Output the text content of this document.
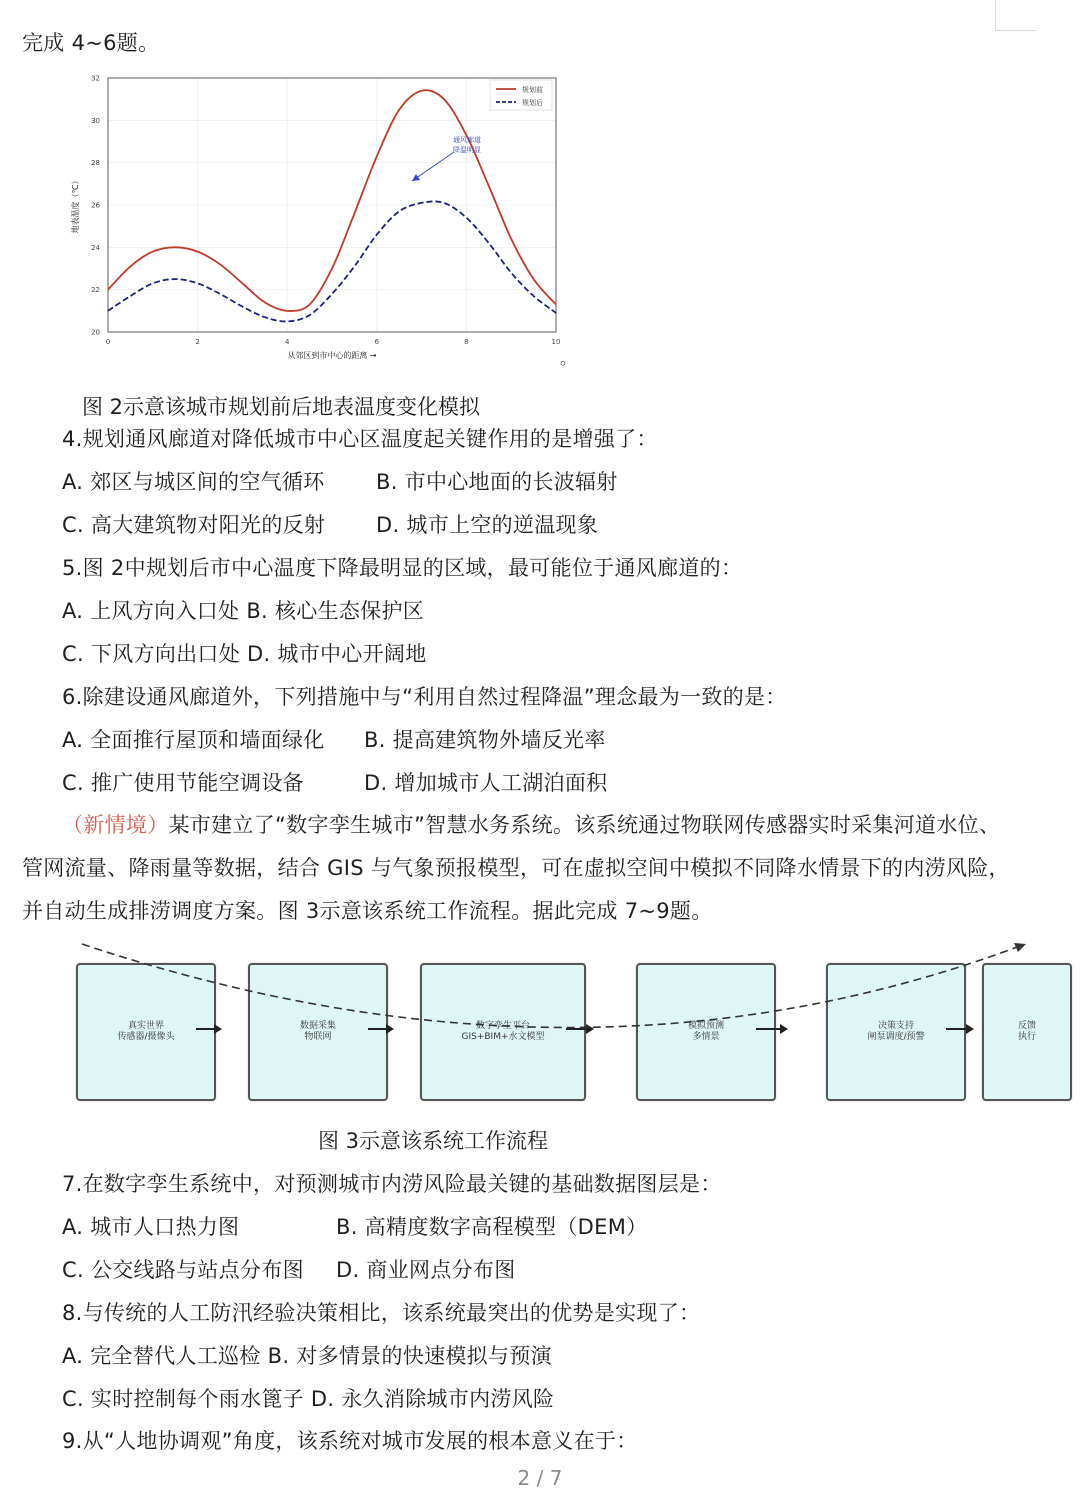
完成 4~6题。
0	2	4	6	8	10
20
22
24
26
28
30
32
通风廊道
降温明显
规划前
规划后
从郊区到市中心的距离 →
地表温度（℃）
。
图 2示意该城市规划前后地表温度变化模拟
4.规划通风廊道对降低城市中心区温度起关键作用的是增强了：
A. 郊区与城区间的空气循环 B. 市中心地面的长波辐射
C. 高大建筑物对阳光的反射 D. 城市上空的逆温现象
5.图 2中规划后市中心温度下降最明显的区域，最可能位于通风廊道的：
A. 上风方向入口处 B. 核心生态保护区
C. 下风方向出口处 D. 城市中心开阔地
6.除建设通风廊道外，下列措施中与“利用自然过程降温”理念最为一致的是：
A. 全面推行屋顶和墙面绿化 B. 提高建筑物外墙反光率
C. 推广使用节能空调设备	D. 增加城市人工湖泊面积
（新情境）某市建立了“数字孪生城市”智慧水务系统。该系统通过物联网传感器实时采集河道水位、
管网流量、降雨量等数据，结合 GIS 与气象预报模型，可在虚拟空间中模拟不同降水情景下的内涝风险，
并自动生成排涝调度方案。图 3示意该系统工作流程。据此完成 7~9题。
真实世界
传感器/摄像头
数据采集
物联网
数字孪生平台
GIS+BIM+水文模型
模拟预测
多情景
决策支持
闸泵调度/预警
反馈
执行
图 3示意该系统工作流程
7.在数字孪生系统中，对预测城市内涝风险最关键的基础数据图层是：
A. 城市人口热力图	B. 高精度数字高程模型（DEM）
C. 公交线路与站点分布图 D. 商业网点分布图
8.与传统的人工防汛经验决策相比，该系统最突出的优势是实现了：
A. 完全替代人工巡检 B. 对多情景的快速模拟与预演
C. 实时控制每个雨水篦子 D. 永久消除城市内涝风险
9.从“人地协调观”角度，该系统对城市发展的根本意义在于：
2 / 7
